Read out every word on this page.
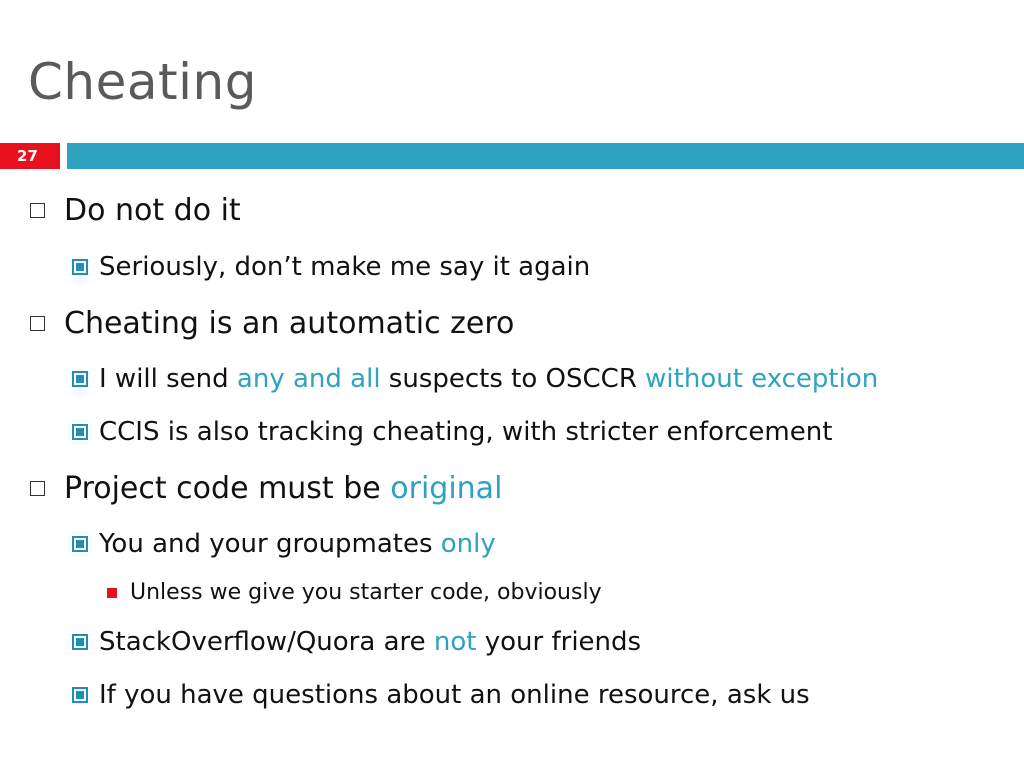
Cheating
27
Do not do it
Seriously, don’t make me say it again
Cheating is an automatic zero
I will send any and all suspects to OSCCR without exception
CCIS is also tracking cheating, with stricter enforcement
Project code must be original
You and your groupmates only
Unless we give you starter code, obviously
StackOverflow/Quora are not your friends
If you have questions about an online resource, ask us
